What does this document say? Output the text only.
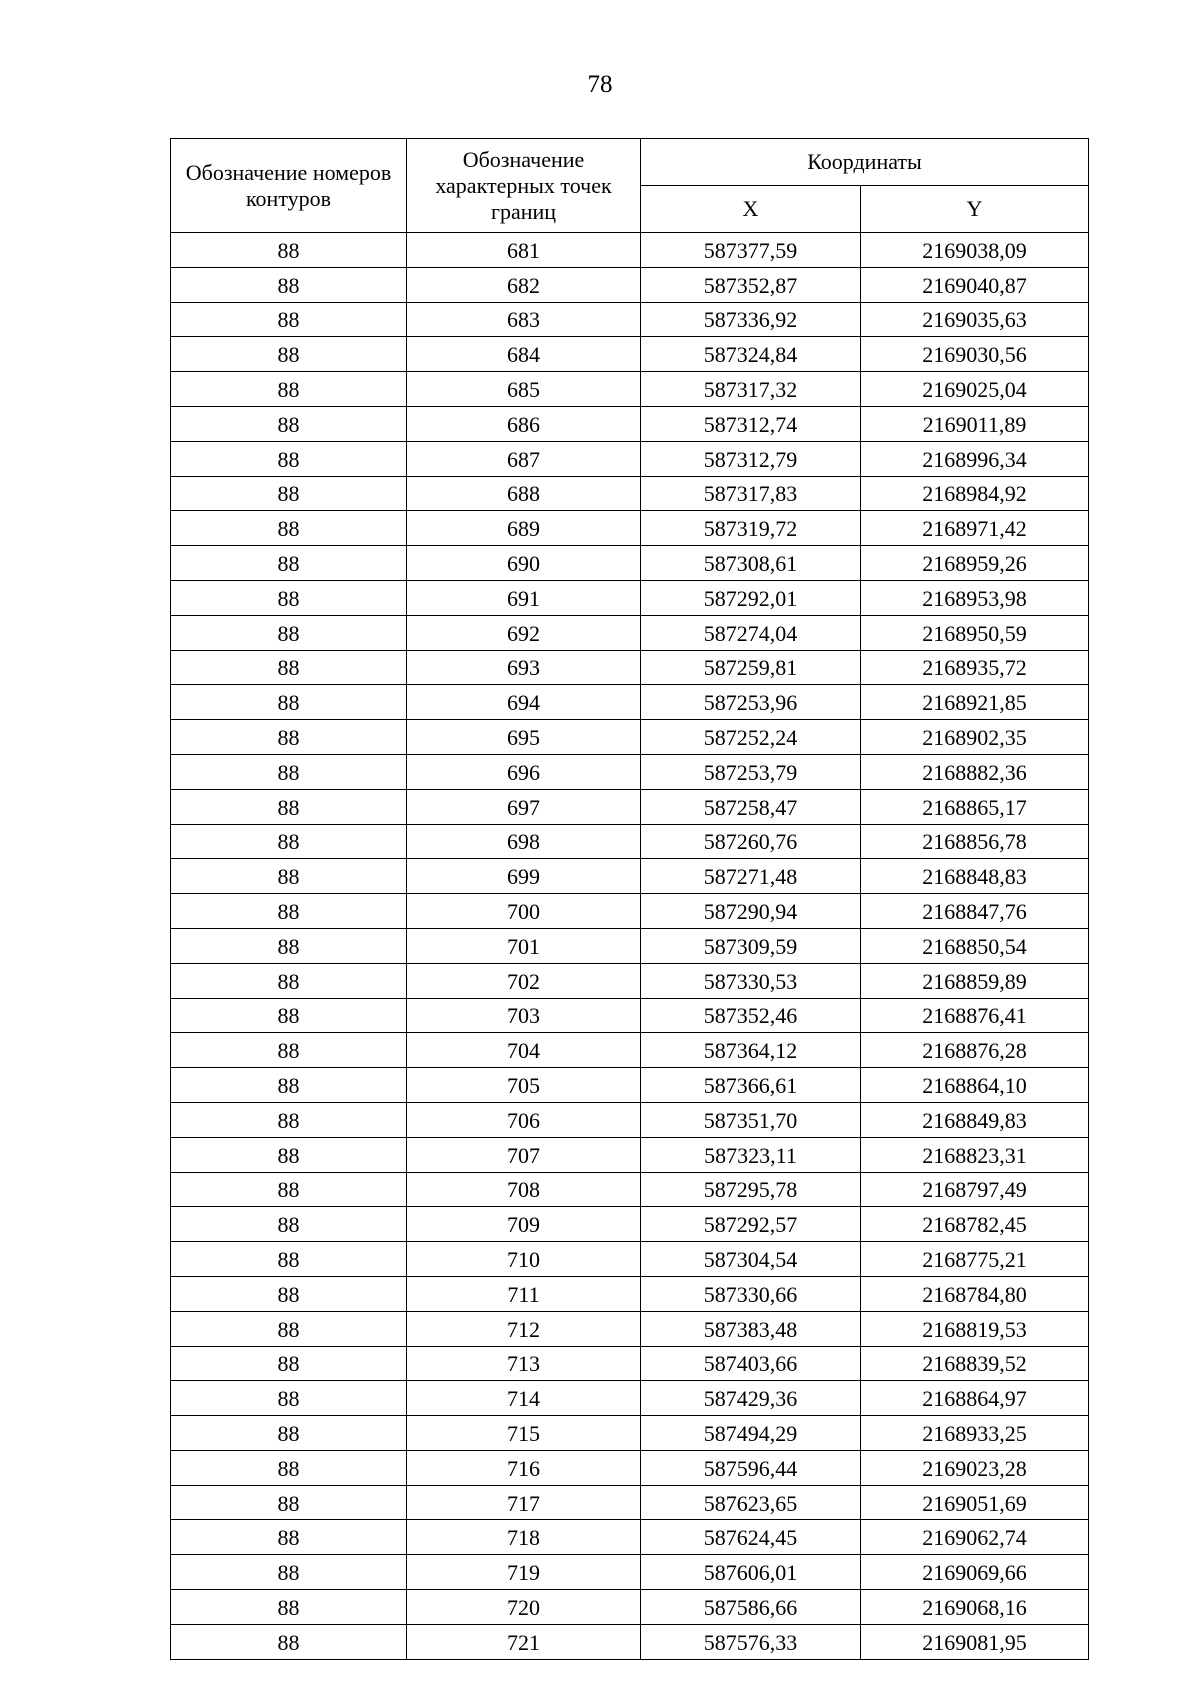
78
Обозначение номеров контуров	Обозначение характерных точек границ	Координаты	
		X	Y
88	681	587377,59	2169038,09
88	682	587352,87	2169040,87
88	683	587336,92	2169035,63
88	684	587324,84	2169030,56
88	685	587317,32	2169025,04
88	686	587312,74	2169011,89
88	687	587312,79	2168996,34
88	688	587317,83	2168984,92
88	689	587319,72	2168971,42
88	690	587308,61	2168959,26
88	691	587292,01	2168953,98
88	692	587274,04	2168950,59
88	693	587259,81	2168935,72
88	694	587253,96	2168921,85
88	695	587252,24	2168902,35
88	696	587253,79	2168882,36
88	697	587258,47	2168865,17
88	698	587260,76	2168856,78
88	699	587271,48	2168848,83
88	700	587290,94	2168847,76
88	701	587309,59	2168850,54
88	702	587330,53	2168859,89
88	703	587352,46	2168876,41
88	704	587364,12	2168876,28
88	705	587366,61	2168864,10
88	706	587351,70	2168849,83
88	707	587323,11	2168823,31
88	708	587295,78	2168797,49
88	709	587292,57	2168782,45
88	710	587304,54	2168775,21
88	711	587330,66	2168784,80
88	712	587383,48	2168819,53
88	713	587403,66	2168839,52
88	714	587429,36	2168864,97
88	715	587494,29	2168933,25
88	716	587596,44	2169023,28
88	717	587623,65	2169051,69
88	718	587624,45	2169062,74
88	719	587606,01	2169069,66
88	720	587586,66	2169068,16
88	721	587576,33	2169081,95
